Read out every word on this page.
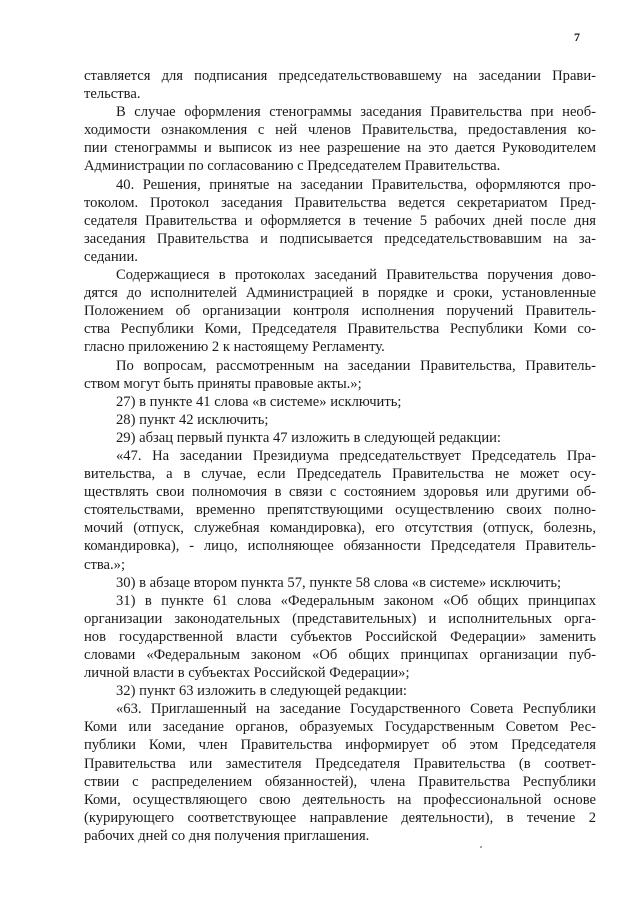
7

ставляется для подписания председательствовавшему на заседании Прави-
тельства.

В случае оформления стенограммы заседания Правительства при необ-
ходимости ознакомления с ней членов Правительства, предоставления ко-
пии стенограммы и выписок из нее разрешение на это дается Руководителем
Администрации по согласованию с Председателем Правительства.

40. Решения, принятые на заседании Правительства, оформляются про-
токолом. Протокол заседания Правительства ведется секретариатом Пред-
седателя Правительства и оформляется в течение 5 рабочих дней после дня
заседания Правительства и подписывается председательствовавшим на за-
седании.

Содержащиеся в протоколах заседаний Правительства поручения дово-
дятся до исполнителей Администрацией в порядке и сроки, установленные
Положением об организации контроля исполнения поручений Правитель-
ства Республики Коми, Председателя Правительства Республики Коми со-
гласно приложению 2 к настоящему Регламенту.

По вопросам, рассмотренным на заседании Правительства, Правитель-
ством могут быть приняты правовые акты.»;

27) в пункте 41 слова «в системе» исключить;

28) пункт 42 исключить;

29) абзац первый пункта 47 изложить в следующей редакции:

«47. На заседании Президиума председательствует Председатель Пра-
вительства, а в случае, если Председатель Правительства не может осу-
ществлять свои полномочия в связи с состоянием здоровья или другими об-
стоятельствами, временно препятствующими осуществлению своих полно-
мочий (отпуск, служебная командировка), его отсутствия (отпуск, болезнь,
командировка), - лицо, исполняющее обязанности Председателя Правитель-
ства.»;

30) в абзаце втором пункта 57, пункте 58 слова «в системе» исключить;

31) в пункте 61 слова «Федеральным законом «Об общих принципах
организации законодательных (представительных) и исполнительных орга-
нов государственной власти субъектов Российской Федерации» заменить
словами «Федеральным законом «Об общих принципах организации пуб-
личной власти в субъектах Российской Федерации»;

32) пункт 63 изложить в следующей редакции:

«63. Приглашенный на заседание Государственного Совета Республики
Коми или заседание органов, образуемых Государственным Советом Рес-
публики Коми, член Правительства информирует об этом Председателя
Правительства или заместителя Председателя Правительства (в соответ-
ствии с распределением обязанностей), члена Правительства Республики
Коми, осуществляющего свою деятельность на профессиональной основе
(курирующего соответствующее направление деятельности), в течение 2
рабочих дней со дня получения приглашения.
